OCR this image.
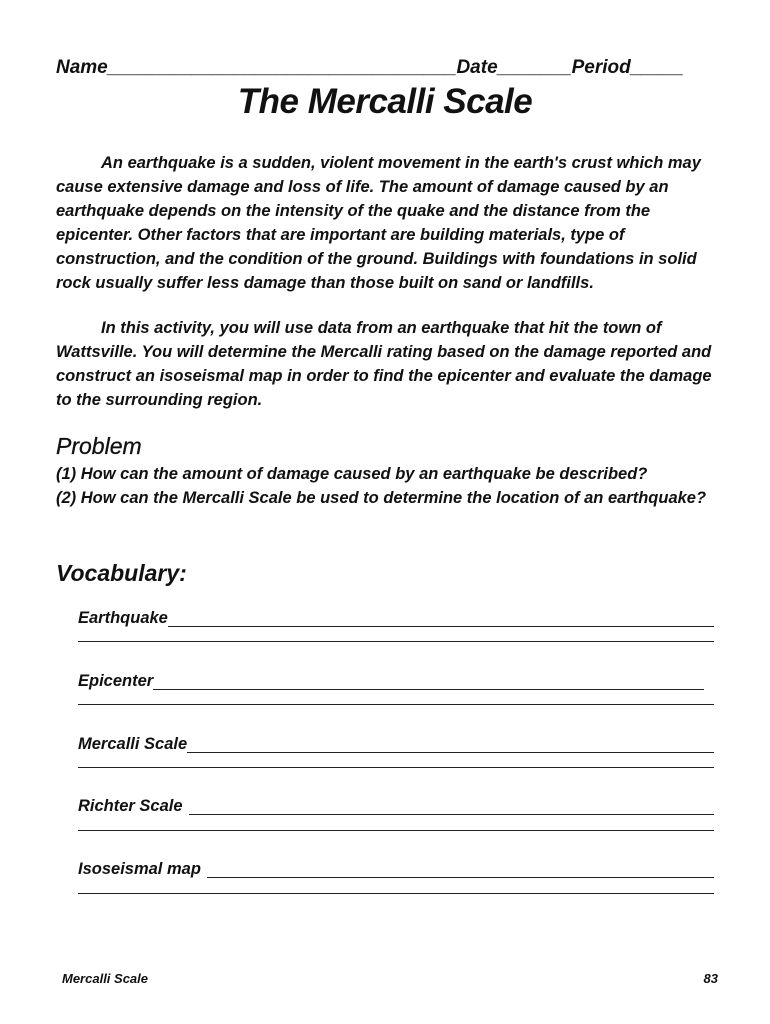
Name_________________________________Date_______Period_____
The Mercalli Scale

An earthquake is a sudden, violent movement in the earth's crust which may cause extensive damage and loss of life. The amount of damage caused by an earthquake depends on the intensity of the quake and the distance from the epicenter. Other factors that are important are building materials, type of construction, and the condition of the ground. Buildings with foundations in solid rock usually suffer less damage than those built on sand or landfills.

In this activity, you will use data from an earthquake that hit the town of Wattsville. You will determine the Mercalli rating based on the damage reported and construct an isoseismal map in order to find the epicenter and evaluate the damage to the surrounding region.

Problem
(1) How can the amount of damage caused by an earthquake be described?
(2) How can the Mercalli Scale be used to determine the location of an earthquake?
Vocabulary:
Earthquake
Epicenter
Mercalli Scale
Richter Scale
Isoseismal map
Mercalli Scale	83
